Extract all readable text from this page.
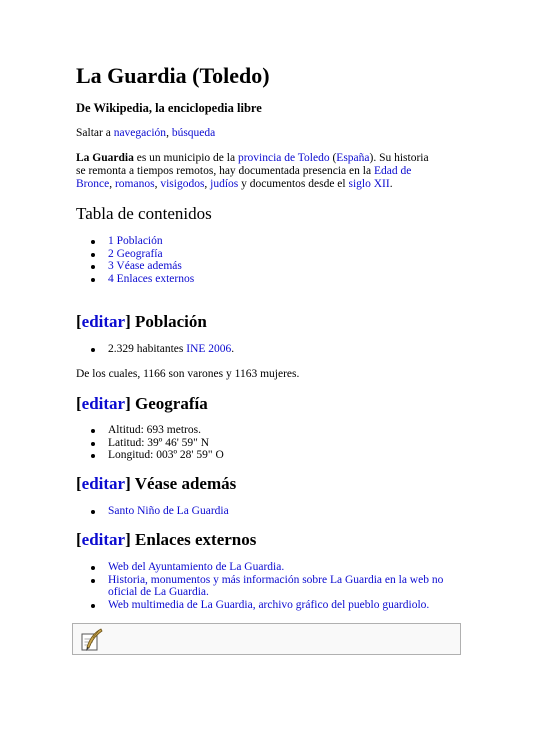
La Guardia (Toledo)
De Wikipedia, la enciclopedia libre
Saltar a navegación, búsqueda

La Guardia es un municipio de la provincia de Toledo (España). Su historia se remonta a tiempos remotos, hay documentada presencia en la Edad de Bronce, romanos, visigodos, judíos y documentos desde el siglo XII.

Tabla de contenidos
1 Población
2 Geografía
3 Véase además
4 Enlaces externos
[editar] Población
2.329 habitantes INE 2006.
De los cuales, 1166 son varones y 1163 mujeres.
[editar] Geografía
Altitud: 693 metros.
Latitud: 39º 46' 59" N
Longitud: 003º 28' 59" O
[editar] Véase además
Santo Niño de La Guardia
[editar] Enlaces externos
Web del Ayuntamiento de La Guardia.
Historia, monumentos y más información sobre La Guardia en la web no oficial de La Guardia.
Web multimedia de La Guardia, archivo gráfico del pueblo guardiolo.
